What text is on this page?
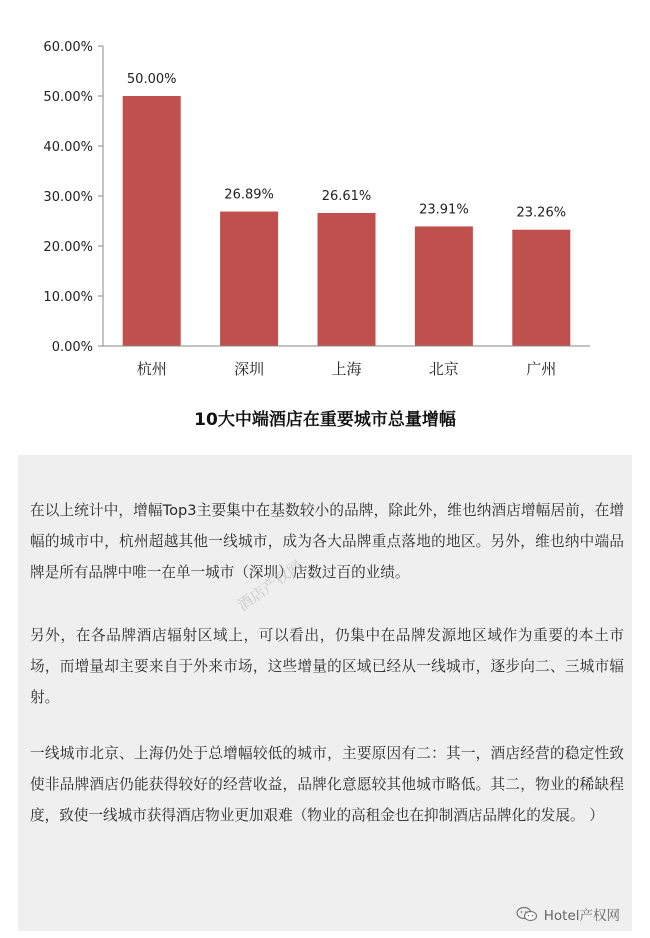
0.00%
10.00%
20.00%
30.00%
40.00%
50.00%
60.00%
50.00%
26.89%	26.61%
23.91%	23.26%
杭州	深圳	上海	北京	广州
10大中端酒店在重要城市总量增幅

在以上统计中，增幅Top3主要集中在基数较小的品牌，除此外，维也纳酒店增幅居前，在增幅的城市中，杭州超越其他一线城市，成为各大品牌重点落地的地区。另外，维也纳中端品牌是所有品牌中唯一在单一城市（深圳）店数过百的业绩。

另外，在各品牌酒店辐射区域上，可以看出，仍集中在品牌发源地区域作为重要的本土市场，而增量却主要来自于外来市场，这些增量的区域已经从一线城市，逐步向二、三城市辐射。

一线城市北京、上海仍处于总增幅较低的城市，主要原因有二：其一，酒店经营的稳定性致使非品牌酒店仍能获得较好的经营收益，品牌化意愿较其他城市略低。其二，物业的稀缺程度，致使一线城市获得酒店物业更加艰难（物业的高租金也在抑制酒店品牌化的发展。 ）

酒店产权网
Hotel产权网
